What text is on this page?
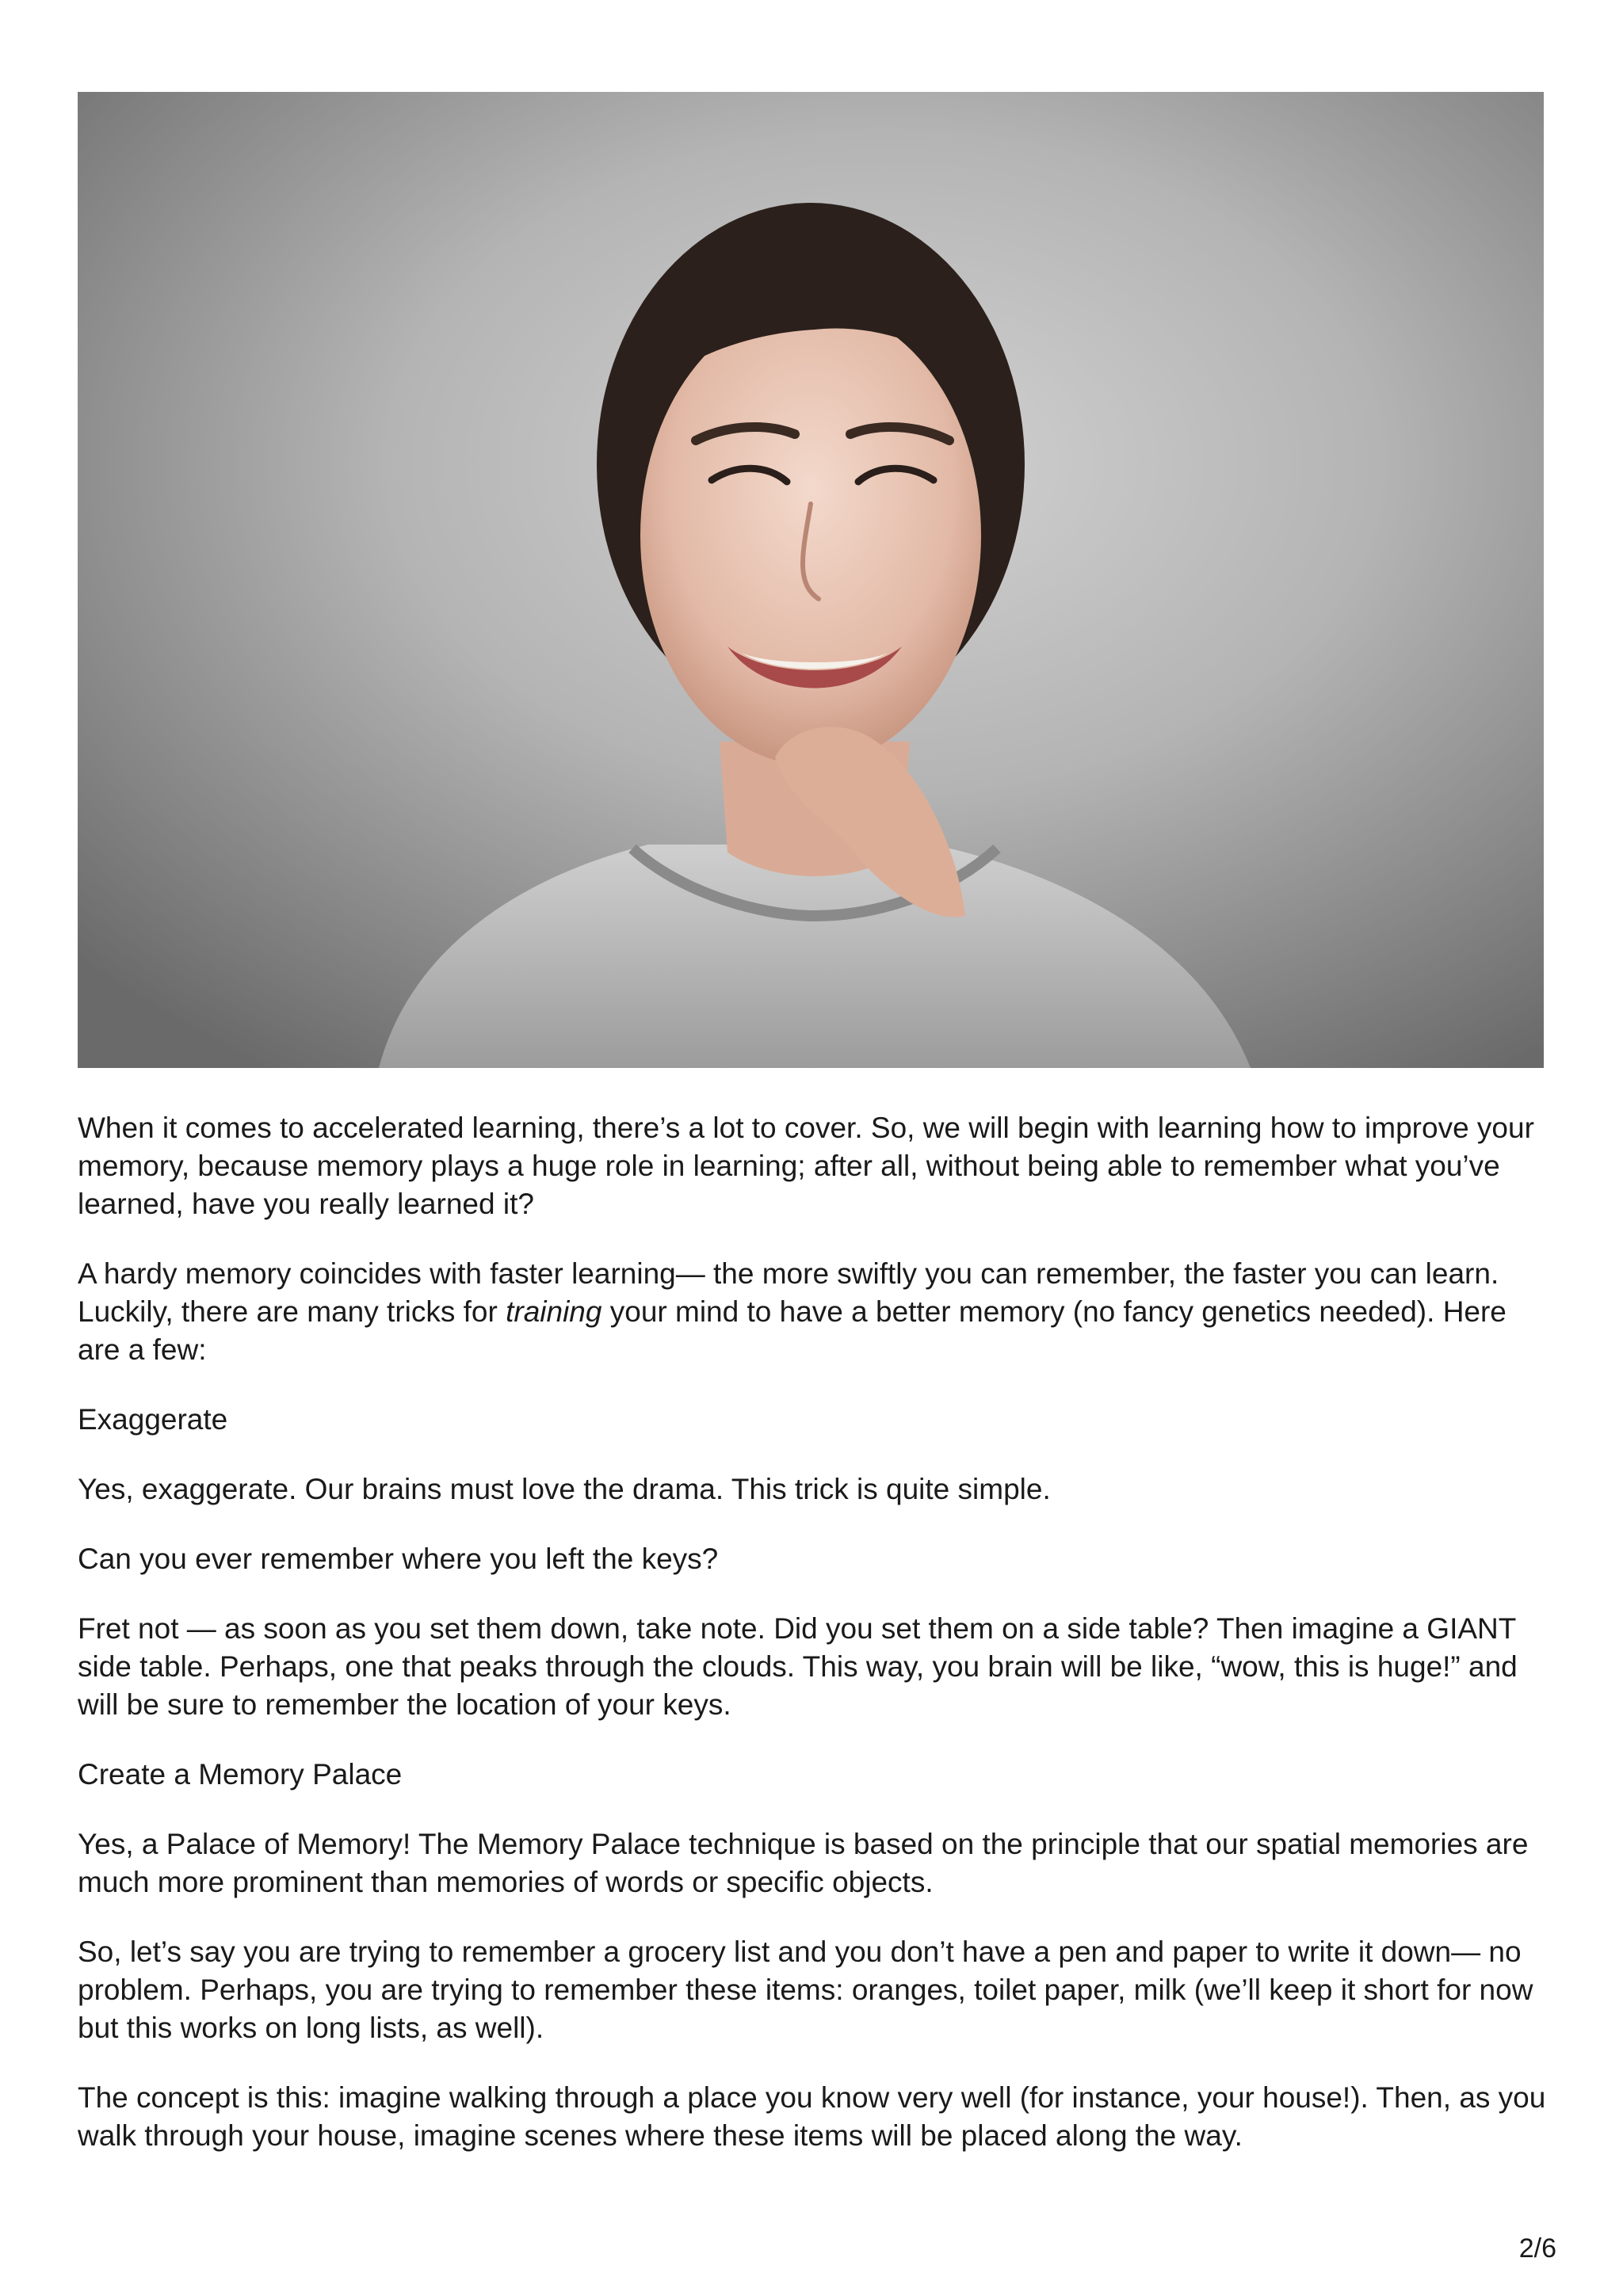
When it comes to accelerated learning, there’s a lot to cover. So, we will begin with learning how to improve your memory, because memory plays a huge role in learning; after all, without being able to remember what you’ve learned, have you really learned it?

A hardy memory coincides with faster learning— the more swiftly you can remember, the faster you can learn. Luckily, there are many tricks for training your mind to have a better memory (no fancy genetics needed). Here are a few:

Exaggerate

Yes, exaggerate. Our brains must love the drama. This trick is quite simple.

Can you ever remember where you left the keys?

Fret not — as soon as you set them down, take note. Did you set them on a side table? Then imagine a GIANT side table. Perhaps, one that peaks through the clouds. This way, you brain will be like, “wow, this is huge!” and will be sure to remember the location of your keys.

Create a Memory Palace

Yes, a Palace of Memory! The Memory Palace technique is based on the principle that our spatial memories are much more prominent than memories of words or specific objects.

So, let’s say you are trying to remember a grocery list and you don’t have a pen and paper to write it down— no problem. Perhaps, you are trying to remember these items: oranges, toilet paper, milk (we’ll keep it short for now but this works on long lists, as well).

The concept is this: imagine walking through a place you know very well (for instance, your house!). Then, as you walk through your house, imagine scenes where these items will be placed along the way.

2/6
